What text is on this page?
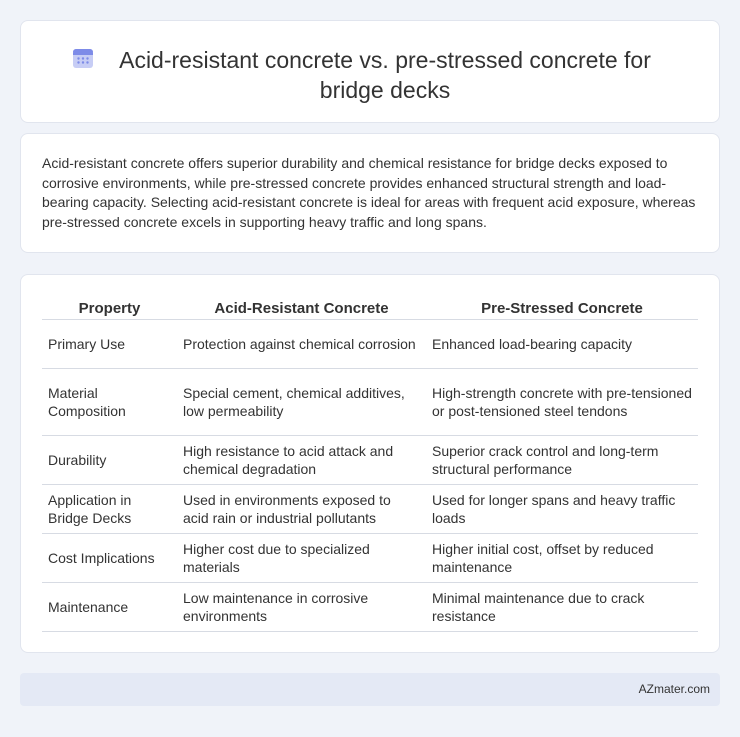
Acid-resistant concrete vs. pre-stressed concrete for bridge decks

Acid-resistant concrete offers superior durability and chemical resistance for bridge decks exposed to corrosive environments, while pre-stressed concrete provides enhanced structural strength and load-bearing capacity. Selecting acid-resistant concrete is ideal for areas with frequent acid exposure, whereas pre-stressed concrete excels in supporting heavy traffic and long spans.

Property	Acid-Resistant Concrete	Pre-Stressed Concrete
Primary Use	Protection against chemical corrosion	Enhanced load-bearing capacity
Material Composition	Special cement, chemical additives, low permeability	High-strength concrete with pre-tensioned or post-tensioned steel tendons
Durability	High resistance to acid attack and chemical degradation	Superior crack control and long-term structural performance
Application in Bridge Decks	Used in environments exposed to acid rain or industrial pollutants	Used for longer spans and heavy traffic loads
Cost Implications	Higher cost due to specialized materials	Higher initial cost, offset by reduced maintenance
Maintenance	Low maintenance in corrosive environments	Minimal maintenance due to crack resistance
AZmater.com
